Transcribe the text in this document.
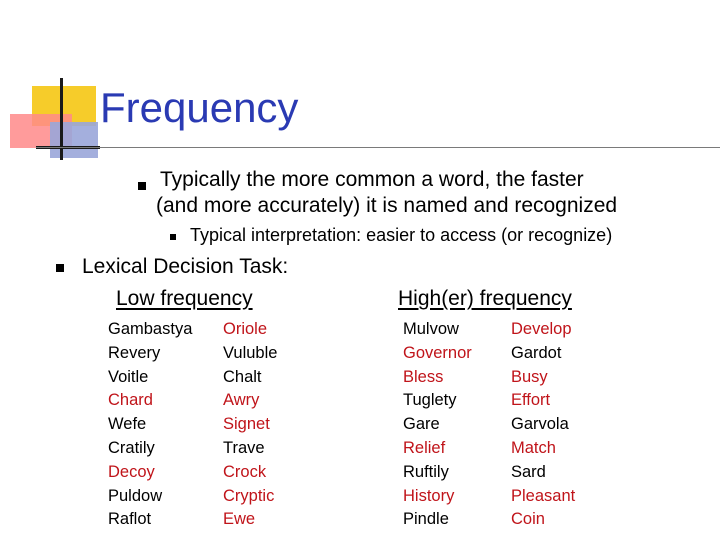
Frequency
Typically the more common a word, the faster
(and more accurately) it is named and recognized
Typical interpretation: easier to access (or recognize)
Lexical Decision Task:
Low frequency	High(er) frequency
Gambastya
Revery
Voitle
Chard
Wefe
Cratily
Decoy
Puldow
Raflot
Oriole
Vuluble
Chalt
Awry
Signet
Trave
Crock
Cryptic
Ewe
Mulvow
Governor
Bless
Tuglety
Gare
Relief
Ruftily
History
Pindle
Develop
Gardot
Busy
Effort
Garvola
Match
Sard
Pleasant
Coin
